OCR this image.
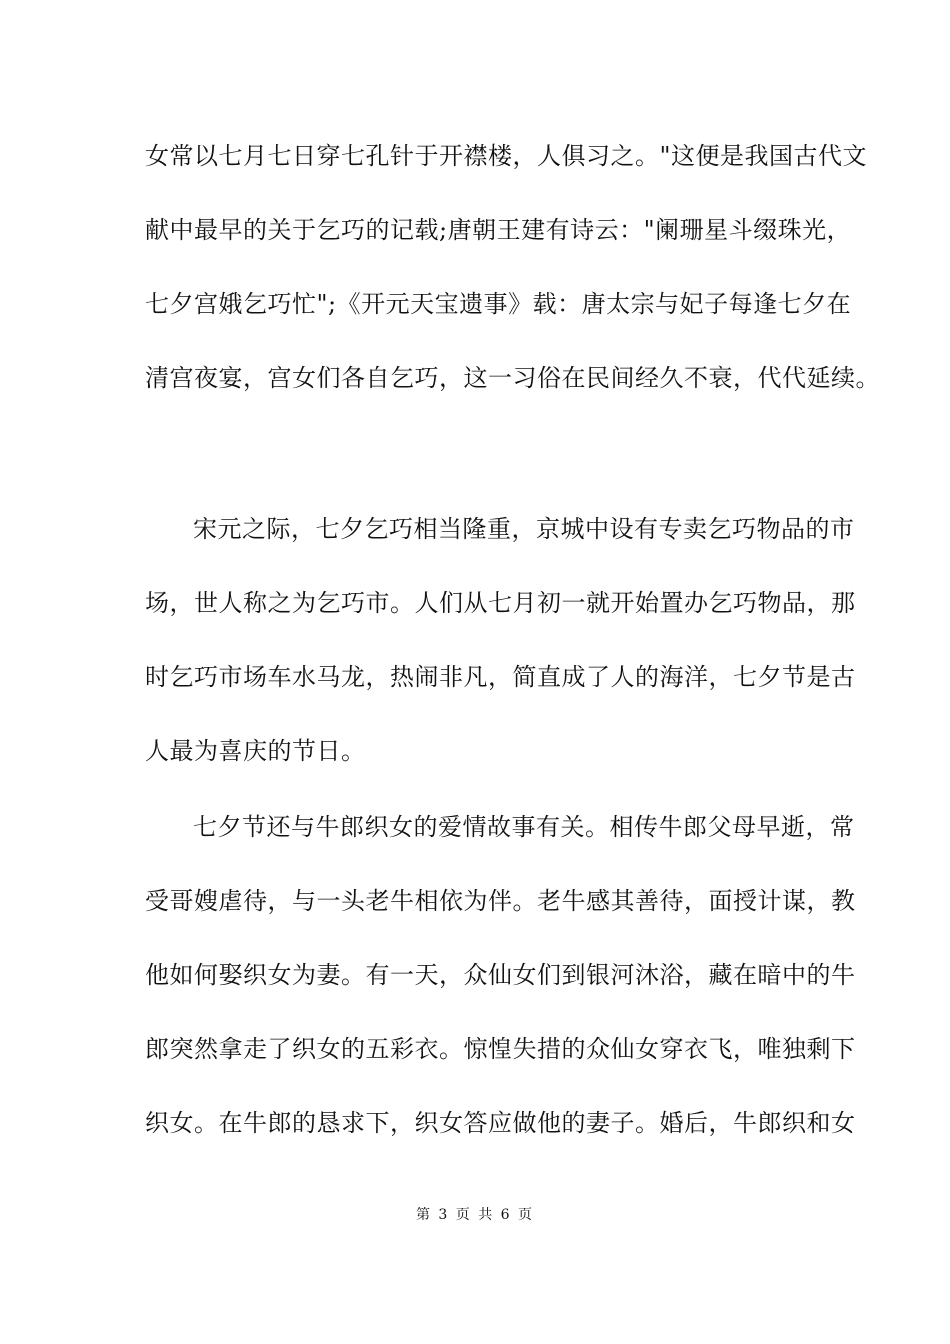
女常以七月七日穿七孔针于开襟楼，人俱习之。"这便是我国古代文
献中最早的关于乞巧的记载;唐朝王建有诗云："阑珊星斗缀珠光，
七夕宫娥乞巧忙";《开元天宝遗事》载：唐太宗与妃子每逢七夕在
清宫夜宴，宫女们各自乞巧，这一习俗在民间经久不衰，代代延续。
宋元之际，七夕乞巧相当隆重，京城中设有专卖乞巧物品的市
场，世人称之为乞巧市。人们从七月初一就开始置办乞巧物品，那
时乞巧市场车水马龙，热闹非凡，简直成了人的海洋，七夕节是古
人最为喜庆的节日。
七夕节还与牛郎织女的爱情故事有关。相传牛郎父母早逝，常
受哥嫂虐待，与一头老牛相依为伴。老牛感其善待，面授计谋，教
他如何娶织女为妻。有一天，众仙女们到银河沐浴，藏在暗中的牛
郎突然拿走了织女的五彩衣。惊惶失措的众仙女穿衣飞，唯独剩下
织女。在牛郎的恳求下，织女答应做他的妻子。婚后，牛郎织和女
第 3 页 共 6 页
